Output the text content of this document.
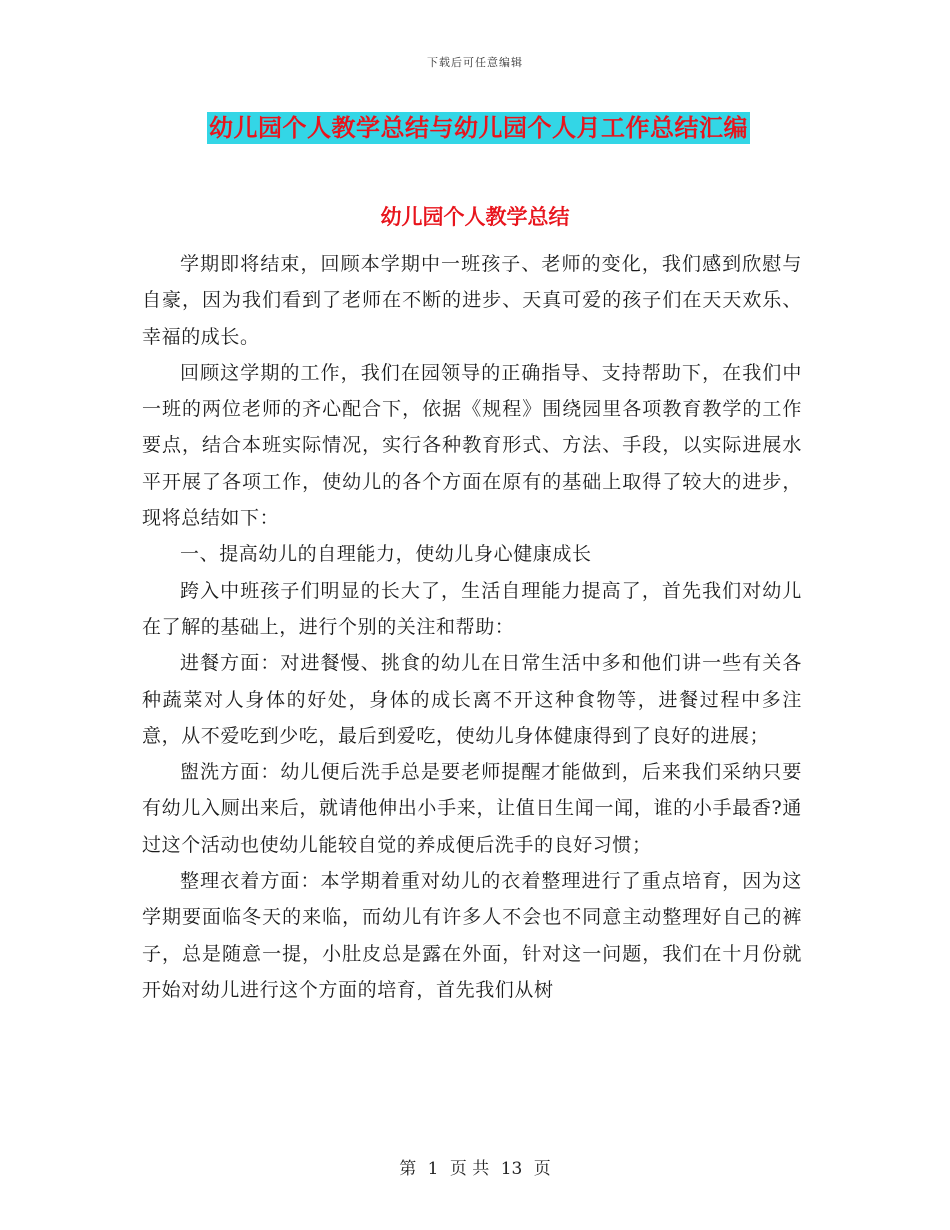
下载后可任意编辑
幼儿园个人教学总结与幼儿园个人月工作总结汇编
幼儿园个人教学总结

学期即将结束，回顾本学期中一班孩子、老师的变化，我们感到欣慰与自豪，因为我们看到了老师在不断的进步、天真可爱的孩子们在天天欢乐、幸福的成长。

回顾这学期的工作，我们在园领导的正确指导、支持帮助下，在我们中一班的两位老师的齐心配合下，依据《规程》围绕园里各项教育教学的工作要点，结合本班实际情况，实行各种教育形式、方法、手段，以实际进展水平开展了各项工作，使幼儿的各个方面在原有的基础上取得了较大的进步，现将总结如下：

一、提高幼儿的自理能力，使幼儿身心健康成长

跨入中班孩子们明显的长大了，生活自理能力提高了，首先我们对幼儿在了解的基础上，进行个别的关注和帮助：

进餐方面：对进餐慢、挑食的幼儿在日常生活中多和他们讲一些有关各种蔬菜对人身体的好处，身体的成长离不开这种食物等，进餐过程中多注意，从不爱吃到少吃，最后到爱吃，使幼儿身体健康得到了良好的进展；

盥洗方面：幼儿便后洗手总是要老师提醒才能做到，后来我们采纳只要有幼儿入厕出来后，就请他伸出小手来，让值日生闻一闻，谁的小手最香?通过这个活动也使幼儿能较自觉的养成便后洗手的良好习惯；

整理衣着方面：本学期着重对幼儿的衣着整理进行了重点培育，因为这学期要面临冬天的来临，而幼儿有许多人不会也不同意主动整理好自己的裤子，总是随意一提，小肚皮总是露在外面，针对这一问题，我们在十月份就开始对幼儿进行这个方面的培育，首先我们从树

第 1 页 共 13 页
